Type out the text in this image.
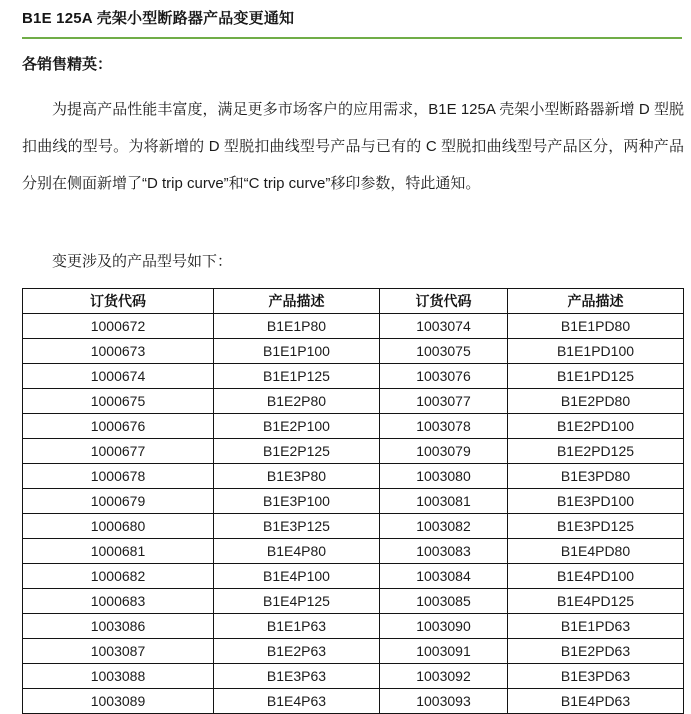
B1E 125A 壳架小型断路器产品变更通知
各销售精英：
为提高产品性能丰富度，满足更多市场客户的应用需求，B1E 125A 壳架小型断路器新增 D 型脱扣曲线的型号。为将新增的 D 型脱扣曲线型号产品与已有的 C 型脱扣曲线型号产品区分，两种产品分别在侧面新增了“D trip curve”和“C trip curve”移印参数，特此通知。
变更涉及的产品型号如下：
订货代码	产品描述	订货代码	产品描述
1000672	B1E1P80	1003074	B1E1PD80
1000673	B1E1P100	1003075	B1E1PD100
1000674	B1E1P125	1003076	B1E1PD125
1000675	B1E2P80	1003077	B1E2PD80
1000676	B1E2P100	1003078	B1E2PD100
1000677	B1E2P125	1003079	B1E2PD125
1000678	B1E3P80	1003080	B1E3PD80
1000679	B1E3P100	1003081	B1E3PD100
1000680	B1E3P125	1003082	B1E3PD125
1000681	B1E4P80	1003083	B1E4PD80
1000682	B1E4P100	1003084	B1E4PD100
1000683	B1E4P125	1003085	B1E4PD125
1003086	B1E1P63	1003090	B1E1PD63
1003087	B1E2P63	1003091	B1E2PD63
1003088	B1E3P63	1003092	B1E3PD63
1003089	B1E4P63	1003093	B1E4PD63
